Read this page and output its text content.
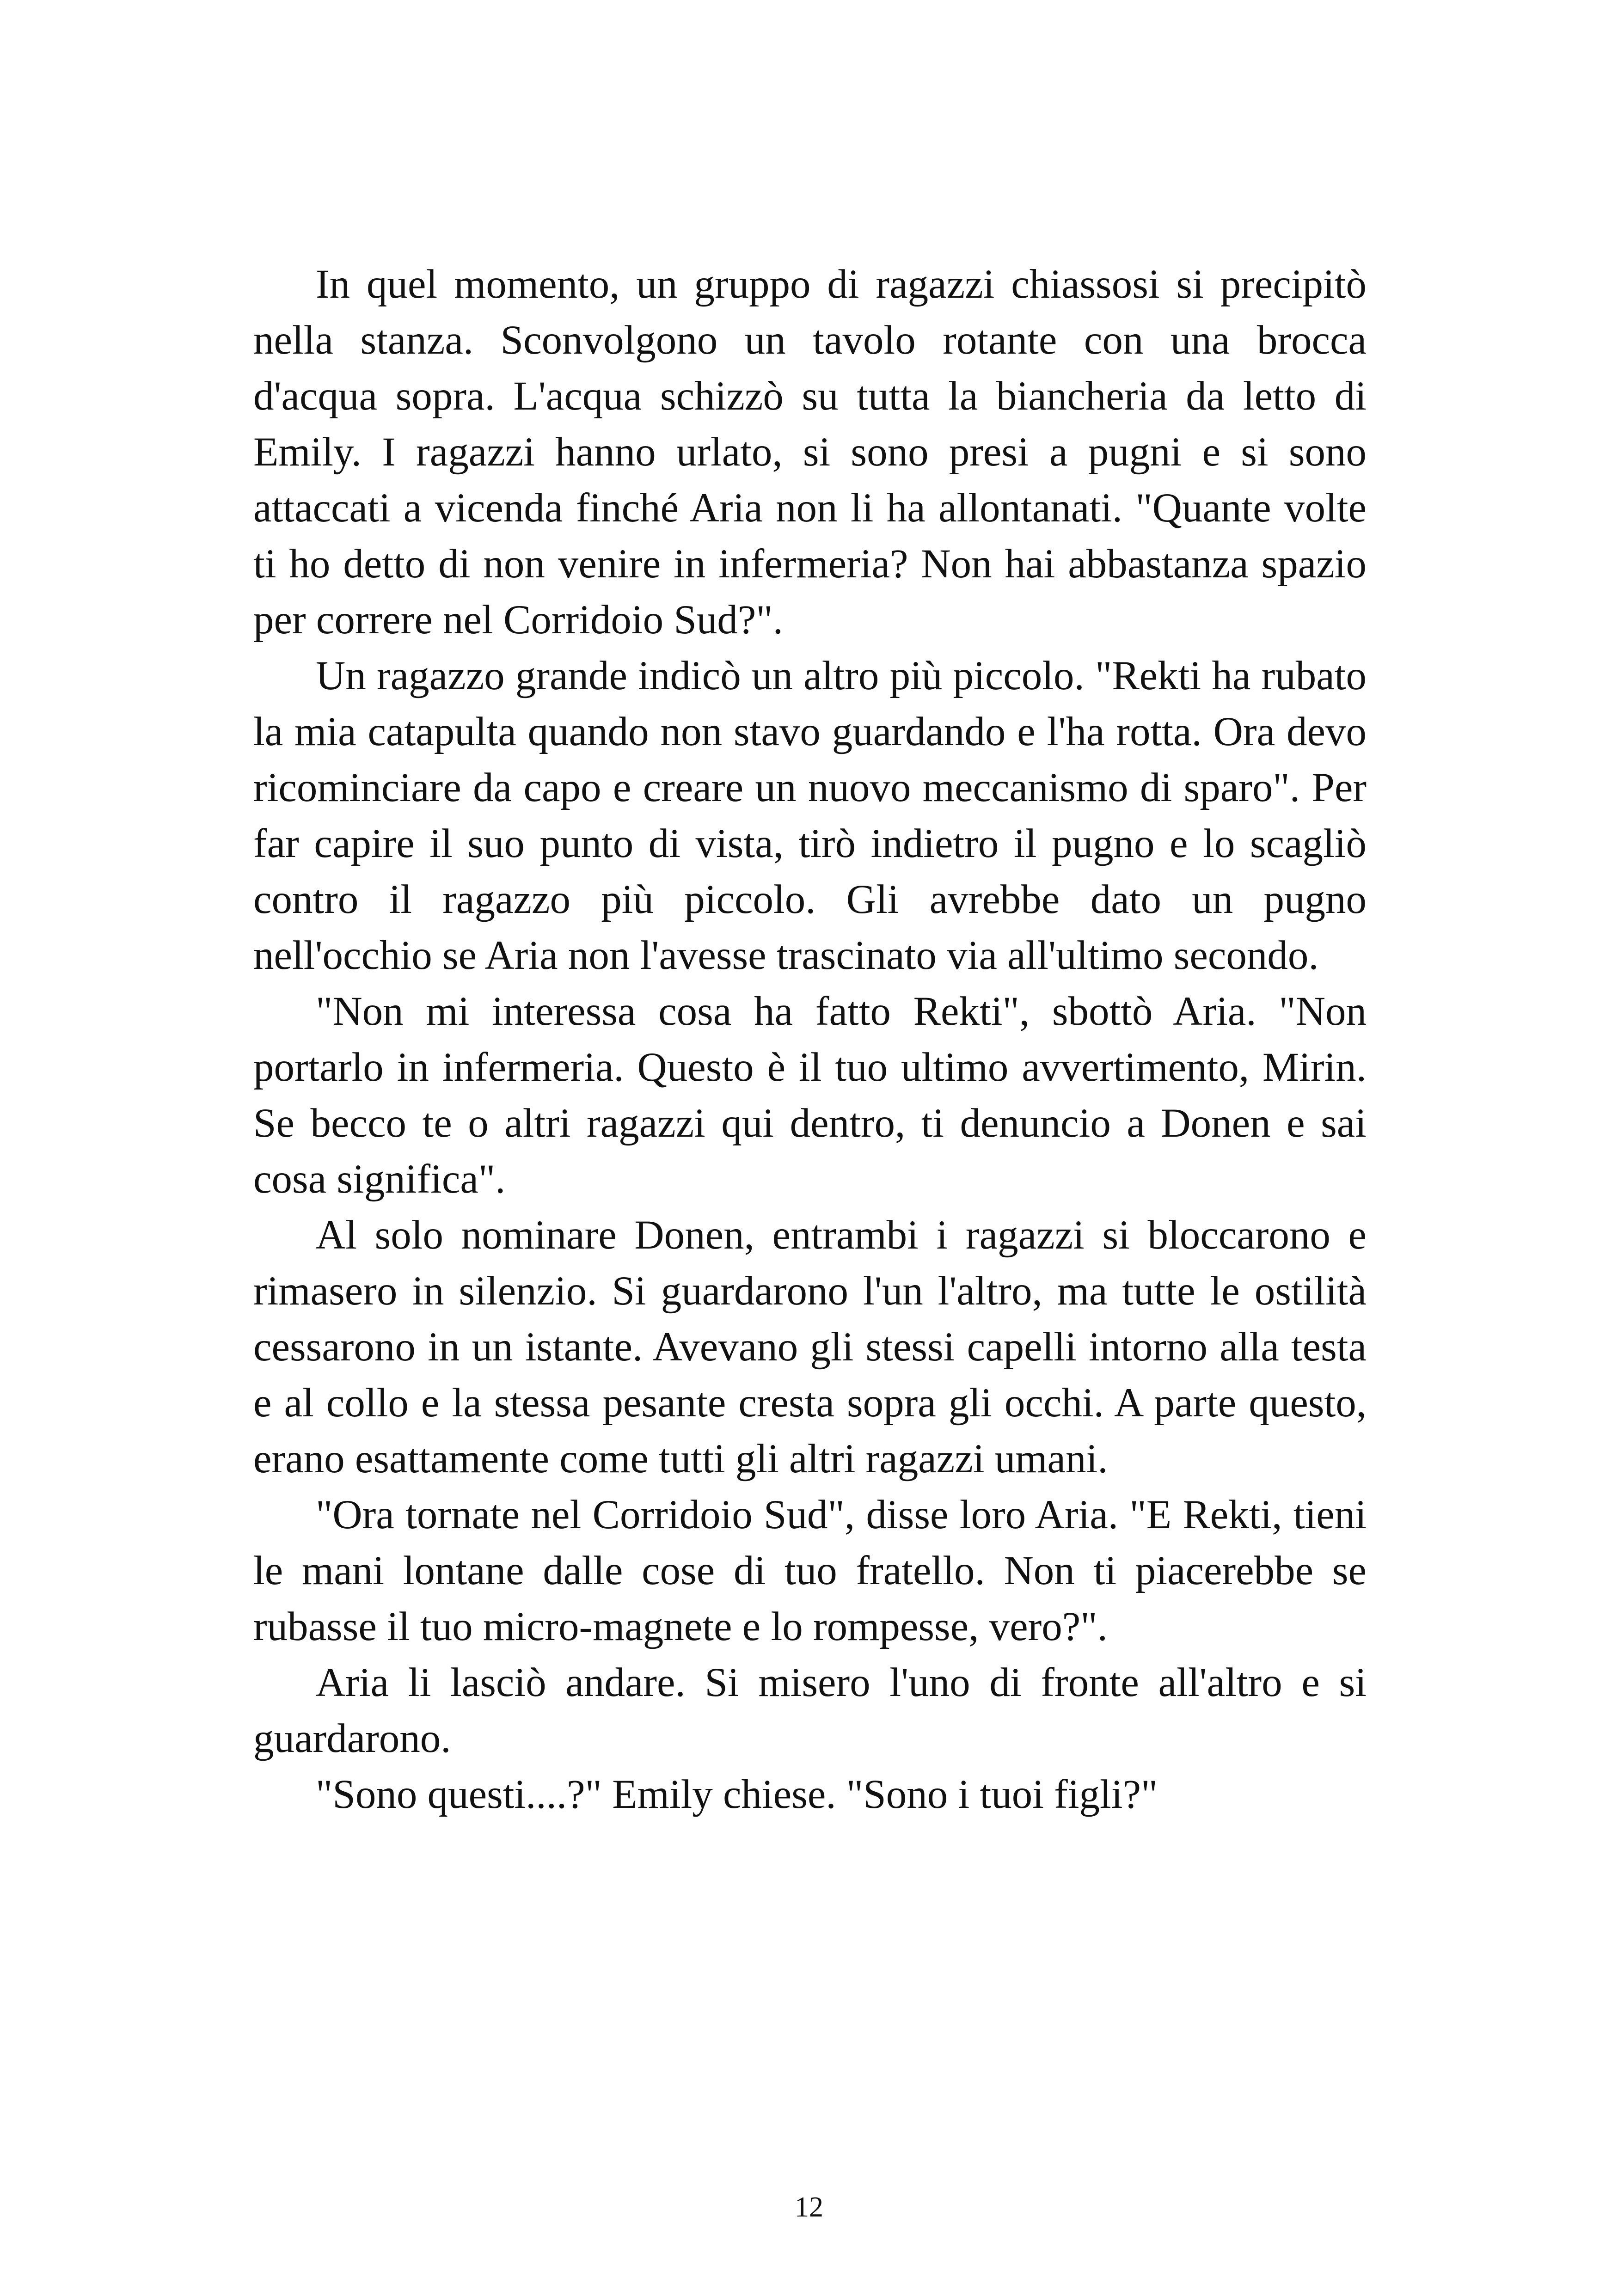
In quel momento, un gruppo di ragazzi chiassosi si precipitò nella stanza. Sconvolgono un tavolo rotante con una brocca d'acqua sopra. L'acqua schizzò su tutta la biancheria da letto di Emily. I ragazzi hanno urlato, si sono presi a pugni e si sono attaccati a vicenda finché Aria non li ha allontanati. "Quante volte ti ho detto di non venire in infermeria? Non hai abbastanza spazio per correre nel Corridoio Sud?".

Un ragazzo grande indicò un altro più piccolo. "Rekti ha rubato la mia catapulta quando non stavo guardando e l'ha rotta. Ora devo ricominciare da capo e creare un nuovo meccanismo di sparo". Per far capire il suo punto di vista, tirò indietro il pugno e lo scagliò contro il ragazzo più piccolo. Gli avrebbe dato un pugno nell'occhio se Aria non l'avesse trascinato via all'ultimo secondo.

"Non mi interessa cosa ha fatto Rekti", sbottò Aria. "Non portarlo in infermeria. Questo è il tuo ultimo avvertimento, Mirin. Se becco te o altri ragazzi qui dentro, ti denuncio a Donen e sai cosa significa".

Al solo nominare Donen, entrambi i ragazzi si bloccarono e rimasero in silenzio. Si guardarono l'un l'altro, ma tutte le ostilità cessarono in un istante. Avevano gli stessi capelli intorno alla testa e al collo e la stessa pesante cresta sopra gli occhi. A parte questo, erano esattamente come tutti gli altri ragazzi umani.

"Ora tornate nel Corridoio Sud", disse loro Aria. "E Rekti, tieni le mani lontane dalle cose di tuo fratello. Non ti piacerebbe se rubasse il tuo micro-magnete e lo rompesse, vero?".

Aria li lasciò andare. Si misero l'uno di fronte all'altro e si guardarono.

"Sono questi....?" Emily chiese. "Sono i tuoi figli?"

12
